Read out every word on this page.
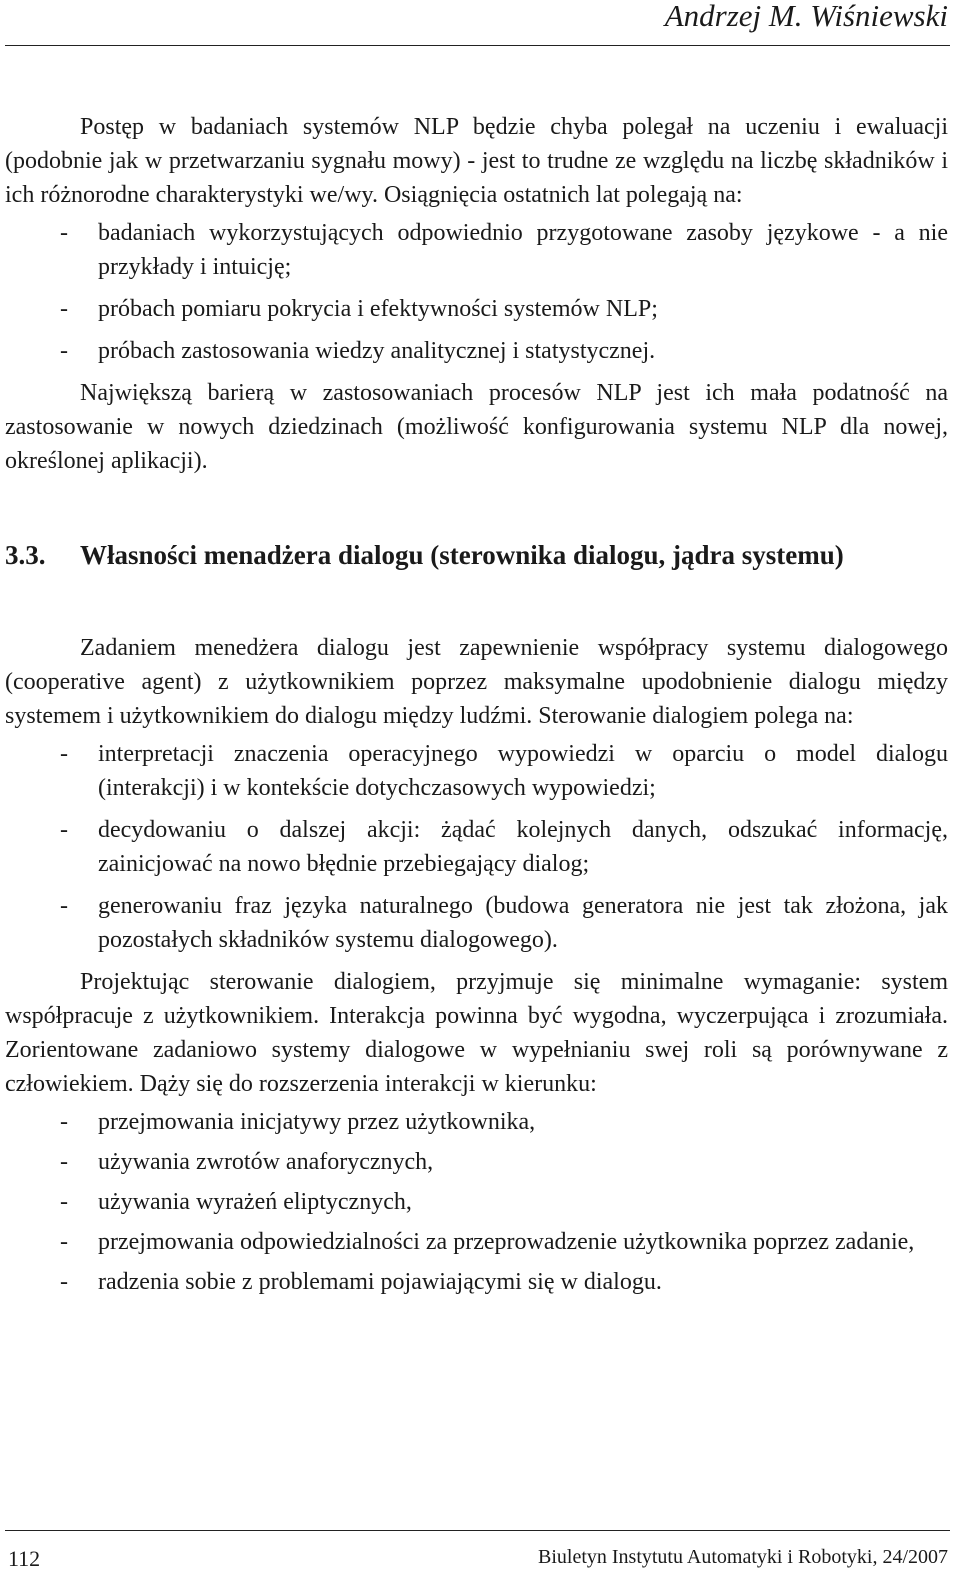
Andrzej M. Wiśniewski

Postęp w badaniach systemów NLP będzie chyba polegał na uczeniu i ewaluacji (podobnie jak w przetwarzaniu sygnału mowy) - jest to trudne ze względu na liczbę składników i ich różnorodne charakterystyki we/wy. Osiągnięcia ostatnich lat polegają na:

- badaniach wykorzystujących odpowiednio przygotowane zasoby językowe - a nie przykłady i intuicję;
- próbach pomiaru pokrycia i efektywności systemów NLP;
- próbach zastosowania wiedzy analitycznej i statystycznej.

Największą barierą w zastosowaniach procesów NLP jest ich mała podatność na zastosowanie w nowych dziedzinach (możliwość konfigurowania systemu NLP dla nowej, określonej aplikacji).

3.3. Własności menadżera dialogu (sterownika dialogu, jądra systemu)

Zadaniem menedżera dialogu jest zapewnienie współpracy systemu dialogowego (cooperative agent) z użytkownikiem poprzez maksymalne upodobnienie dialogu między systemem i użytkownikiem do dialogu między ludźmi. Sterowanie dialogiem polega na:

- interpretacji znaczenia operacyjnego wypowiedzi w oparciu o model dialogu (interakcji) i w kontekście dotychczasowych wypowiedzi;
- decydowaniu o dalszej akcji: żądać kolejnych danych, odszukać informację, zainicjować na nowo błędnie przebiegający dialog;
- generowaniu fraz języka naturalnego (budowa generatora nie jest tak złożona, jak pozostałych składników systemu dialogowego).

Projektując sterowanie dialogiem, przyjmuje się minimalne wymaganie: system współpracuje z użytkownikiem. Interakcja powinna być wygodna, wyczerpująca i zrozumiała. Zorientowane zadaniowo systemy dialogowe w wypełnianiu swej roli są porównywane z człowiekiem. Dąży się do rozszerzenia interakcji w kierunku:

- przejmowania inicjatywy przez użytkownika,
- używania zwrotów anaforycznych,
- używania wyrażeń eliptycznych,
- przejmowania odpowiedzialności za przeprowadzenie użytkownika poprzez zadanie,
- radzenia sobie z problemami pojawiającymi się w dialogu.
112	Biuletyn Instytutu Automatyki i Robotyki, 24/2007
